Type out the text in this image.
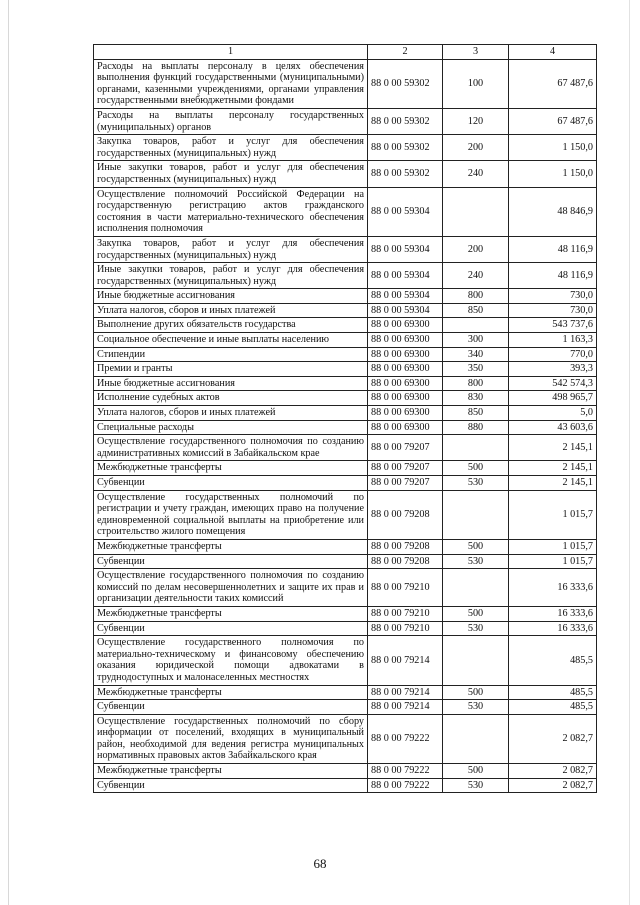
1	2	3	4
Расходы на выплаты персоналу в целях обеспечения выполнения функций государственными (муниципальными) органами, казенными учреждениями, органами управления государственными внебюджетными фондами	88 0 00 59302	100	67 487,6
Расходы на выплаты персоналу государственных (муниципальных) органов	88 0 00 59302	120	67 487,6
Закупка товаров, работ и услуг для обеспечения государственных (муниципальных) нужд	88 0 00 59302	200	1 150,0
Иные закупки товаров, работ и услуг для обеспечения государственных (муниципальных) нужд	88 0 00 59302	240	1 150,0
Осуществление полномочий Российской Федерации на государственную регистрацию актов гражданского состояния в части материально-технического обеспечения исполнения полномочия	88 0 00 59304		48 846,9
Закупка товаров, работ и услуг для обеспечения государственных (муниципальных) нужд	88 0 00 59304	200	48 116,9
Иные закупки товаров, работ и услуг для обеспечения государственных (муниципальных) нужд	88 0 00 59304	240	48 116,9
Иные бюджетные ассигнования	88 0 00 59304	800	730,0
Уплата налогов, сборов и иных платежей	88 0 00 59304	850	730,0
Выполнение других обязательств государства	88 0 00 69300		543 737,6
Социальное обеспечение и иные выплаты населению	88 0 00 69300	300	1 163,3
Стипендии	88 0 00 69300	340	770,0
Премии и гранты	88 0 00 69300	350	393,3
Иные бюджетные ассигнования	88 0 00 69300	800	542 574,3
Исполнение судебных актов	88 0 00 69300	830	498 965,7
Уплата налогов, сборов и иных платежей	88 0 00 69300	850	5,0
Специальные расходы	88 0 00 69300	880	43 603,6
Осуществление государственного полномочия по созданию административных комиссий в Забайкальском крае	88 0 00 79207		2 145,1
Межбюджетные трансферты	88 0 00 79207	500	2 145,1
Субвенции	88 0 00 79207	530	2 145,1
Осуществление государственных полномочий по регистрации и учету граждан, имеющих право на получение единовременной социальной выплаты на приобретение или строительство жилого помещения	88 0 00 79208		1 015,7
Межбюджетные трансферты	88 0 00 79208	500	1 015,7
Субвенции	88 0 00 79208	530	1 015,7
Осуществление государственного полномочия по созданию комиссий по делам несовершеннолетних и защите их прав и организации деятельности таких комиссий	88 0 00 79210		16 333,6
Межбюджетные трансферты	88 0 00 79210	500	16 333,6
Субвенции	88 0 00 79210	530	16 333,6
Осуществление государственного полномочия по материально-техническому и финансовому обеспечению оказания юридической помощи адвокатами в труднодоступных и малонаселенных местностях	88 0 00 79214		485,5
Межбюджетные трансферты	88 0 00 79214	500	485,5
Субвенции	88 0 00 79214	530	485,5
Осуществление государственных полномочий по сбору информации от поселений, входящих в муниципальный район, необходимой для ведения регистра муниципальных нормативных правовых актов Забайкальского края	88 0 00 79222		2 082,7
Межбюджетные трансферты	88 0 00 79222	500	2 082,7
Субвенции	88 0 00 79222	530	2 082,7
68
